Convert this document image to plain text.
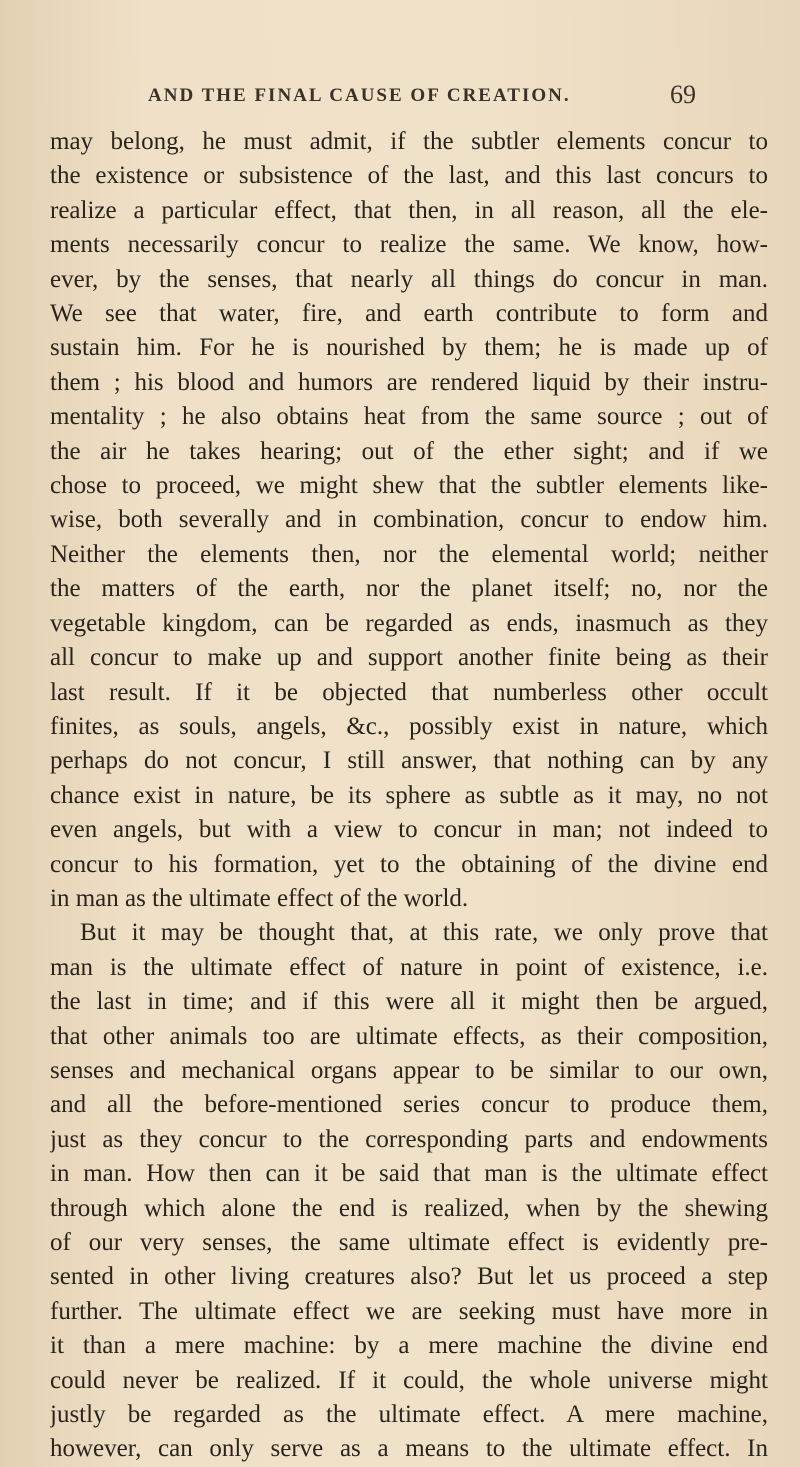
AND THE FINAL CAUSE OF CREATION.	69
may belong, he must admit, if the subtler elements concur to
the existence or subsistence of the last, and this last concurs to
realize a particular effect, that then, in all reason, all the ele-
ments necessarily concur to realize the same. We know, how-
ever, by the senses, that nearly all things do concur in man.
We see that water, fire, and earth contribute to form and
sustain him. For he is nourished by them; he is made up of
them ; his blood and humors are rendered liquid by their instru-
mentality ; he also obtains heat from the same source ; out of
the air he takes hearing; out of the ether sight; and if we
chose to proceed, we might shew that the subtler elements like-
wise, both severally and in combination, concur to endow him.
Neither the elements then, nor the elemental world; neither
the matters of the earth, nor the planet itself; no, nor the
vegetable kingdom, can be regarded as ends, inasmuch as they
all concur to make up and support another finite being as their
last result. If it be objected that numberless other occult
finites, as souls, angels, &c., possibly exist in nature, which
perhaps do not concur, I still answer, that nothing can by any
chance exist in nature, be its sphere as subtle as it may, no not
even angels, but with a view to concur in man; not indeed to
concur to his formation, yet to the obtaining of the divine end
in man as the ultimate effect of the world.
But it may be thought that, at this rate, we only prove that
man is the ultimate effect of nature in point of existence, i.e.
the last in time; and if this were all it might then be argued,
that other animals too are ultimate effects, as their composition,
senses and mechanical organs appear to be similar to our own,
and all the before-mentioned series concur to produce them,
just as they concur to the corresponding parts and endowments
in man. How then can it be said that man is the ultimate effect
through which alone the end is realized, when by the shewing
of our very senses, the same ultimate effect is evidently pre-
sented in other living creatures also? But let us proceed a step
further. The ultimate effect we are seeking must have more in
it than a mere machine: by a mere machine the divine end
could never be realized. If it could, the whole universe might
justly be regarded as the ultimate effect. A mere machine,
however, can only serve as a means to the ultimate effect. In
